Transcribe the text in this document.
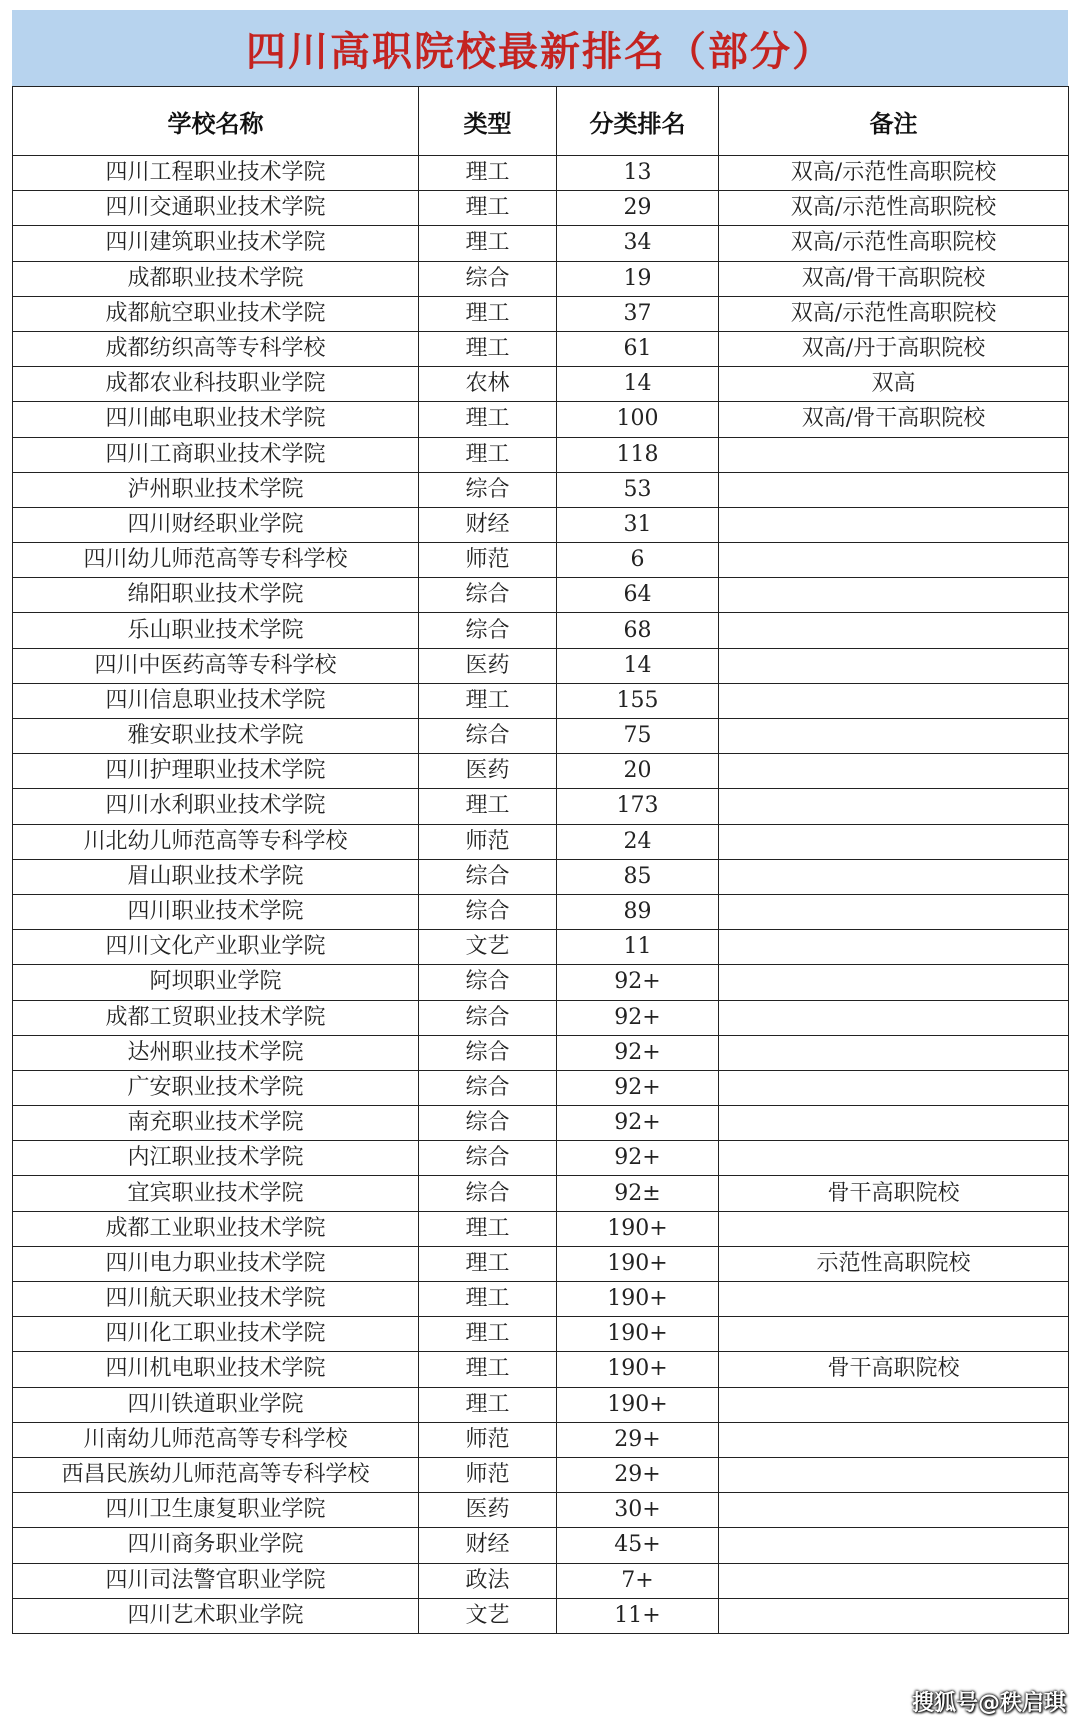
四川高职院校最新排名（部分）
学校名称	类型	分类排名	备注
四川工程职业技术学院	理工	13	双高/示范性高职院校
四川交通职业技术学院	理工	29	双高/示范性高职院校
四川建筑职业技术学院	理工	34	双高/示范性高职院校
成都职业技术学院	综合	19	双高/骨干高职院校
成都航空职业技术学院	理工	37	双高/示范性高职院校
成都纺织高等专科学校	理工	61	双高/丹于高职院校
成都农业科技职业学院	农林	14	双高
四川邮电职业技术学院	理工	100	双高/骨干高职院校
四川工商职业技术学院	理工	118	
泸州职业技术学院	综合	53	
四川财经职业学院	财经	31	
四川幼儿师范高等专科学校	师范	6	
绵阳职业技术学院	综合	64	
乐山职业技术学院	综合	68	
四川中医药高等专科学校	医药	14	
四川信息职业技术学院	理工	155	
雅安职业技术学院	综合	75	
四川护理职业技术学院	医药	20	
四川水利职业技术学院	理工	173	
川北幼儿师范高等专科学校	师范	24	
眉山职业技术学院	综合	85	
四川职业技术学院	综合	89	
四川文化产业职业学院	文艺	11	
阿坝职业学院	综合	92+	
成都工贸职业技术学院	综合	92+	
达州职业技术学院	综合	92+	
广安职业技术学院	综合	92+	
南充职业技术学院	综合	92+	
内江职业技术学院	综合	92+	
宜宾职业技术学院	综合	92±	骨干高职院校
成都工业职业技术学院	理工	190+	
四川电力职业技术学院	理工	190+	示范性高职院校
四川航天职业技术学院	理工	190+	
四川化工职业技术学院	理工	190+	
四川机电职业技术学院	理工	190+	骨干高职院校
四川铁道职业学院	理工	190+	
川南幼儿师范高等专科学校	师范	29+	
西昌民族幼儿师范高等专科学校	师范	29+	
四川卫生康复职业学院	医药	30+	
四川商务职业学院	财经	45+	
四川司法警官职业学院	政法	7+	
四川艺术职业学院	文艺	11+	
搜狐号@秩启琪
